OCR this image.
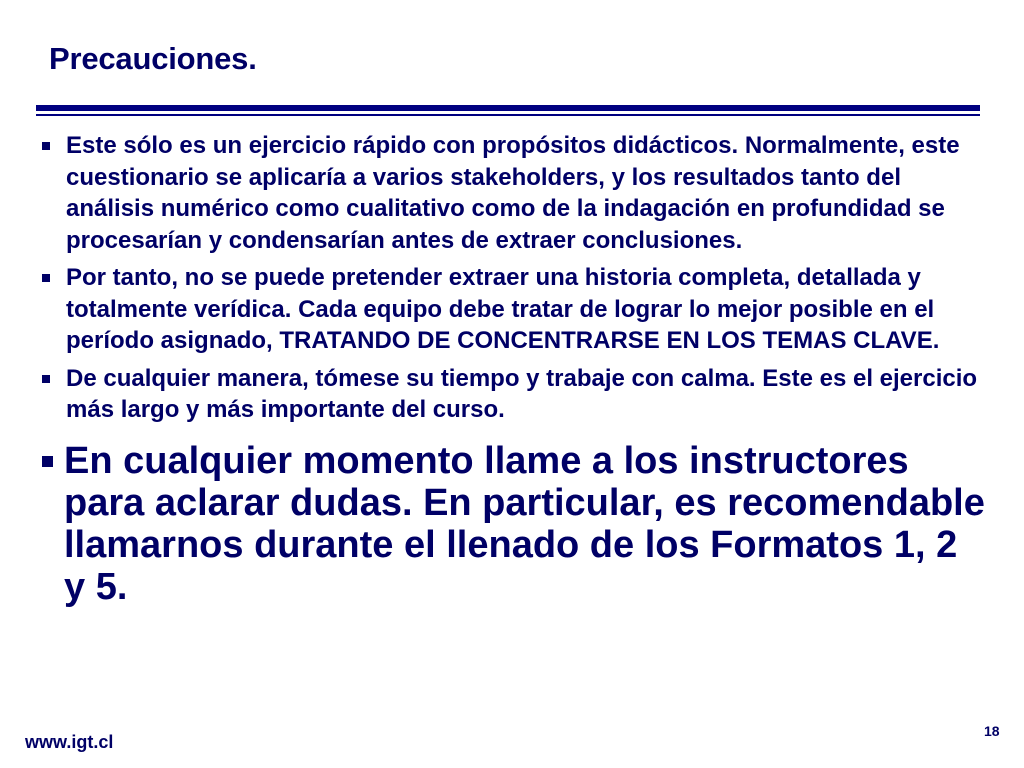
Precauciones.
Este sólo es un ejercicio rápido con propósitos didácticos. Normalmente, este cuestionario se aplicaría a varios stakeholders, y los resultados tanto del análisis numérico como cualitativo como de la indagación en profundidad se procesarían y condensarían antes de extraer conclusiones.
Por tanto, no se puede pretender extraer una historia completa, detallada y totalmente verídica. Cada equipo debe tratar de lograr lo mejor posible en el período asignado, TRATANDO DE CONCENTRARSE EN LOS TEMAS CLAVE.
De cualquier manera, tómese su tiempo y trabaje con calma. Este es el ejercicio más largo y más importante del curso.
En cualquier momento llame a los instructores para aclarar dudas. En particular, es recomendable llamarnos durante el llenado de los Formatos 1, 2 y 5.
www.igt.cl
18
